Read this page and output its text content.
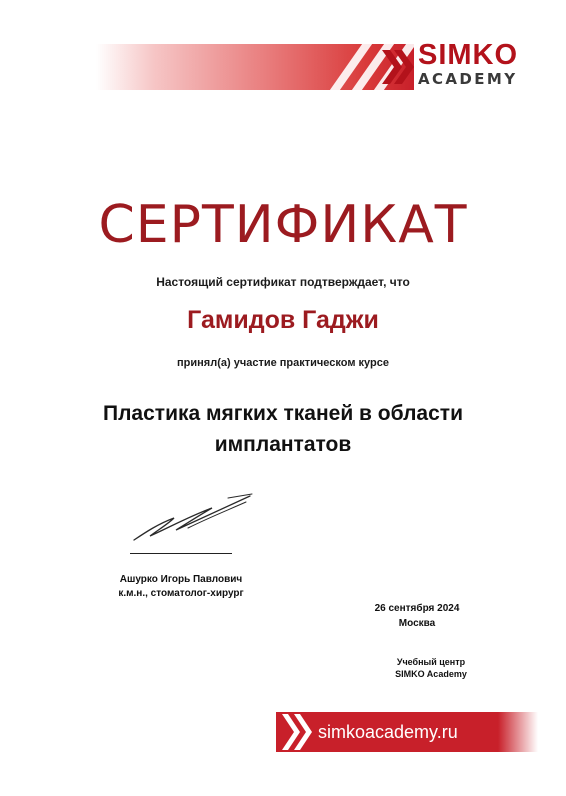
SIMKO
ACADEMY
СЕРТИФИКАТ
Настоящий сертификат подтверждает, что
Гамидов Гаджи
принял(а) участие практическом курсе
Пластика мягких тканей в области
имплантатов
Ашурко Игорь Павлович
к.м.н., стоматолог-хирург
26 сентября 2024
Москва
Учебный центр
SIMKO Academy
simkoacademy.ru
